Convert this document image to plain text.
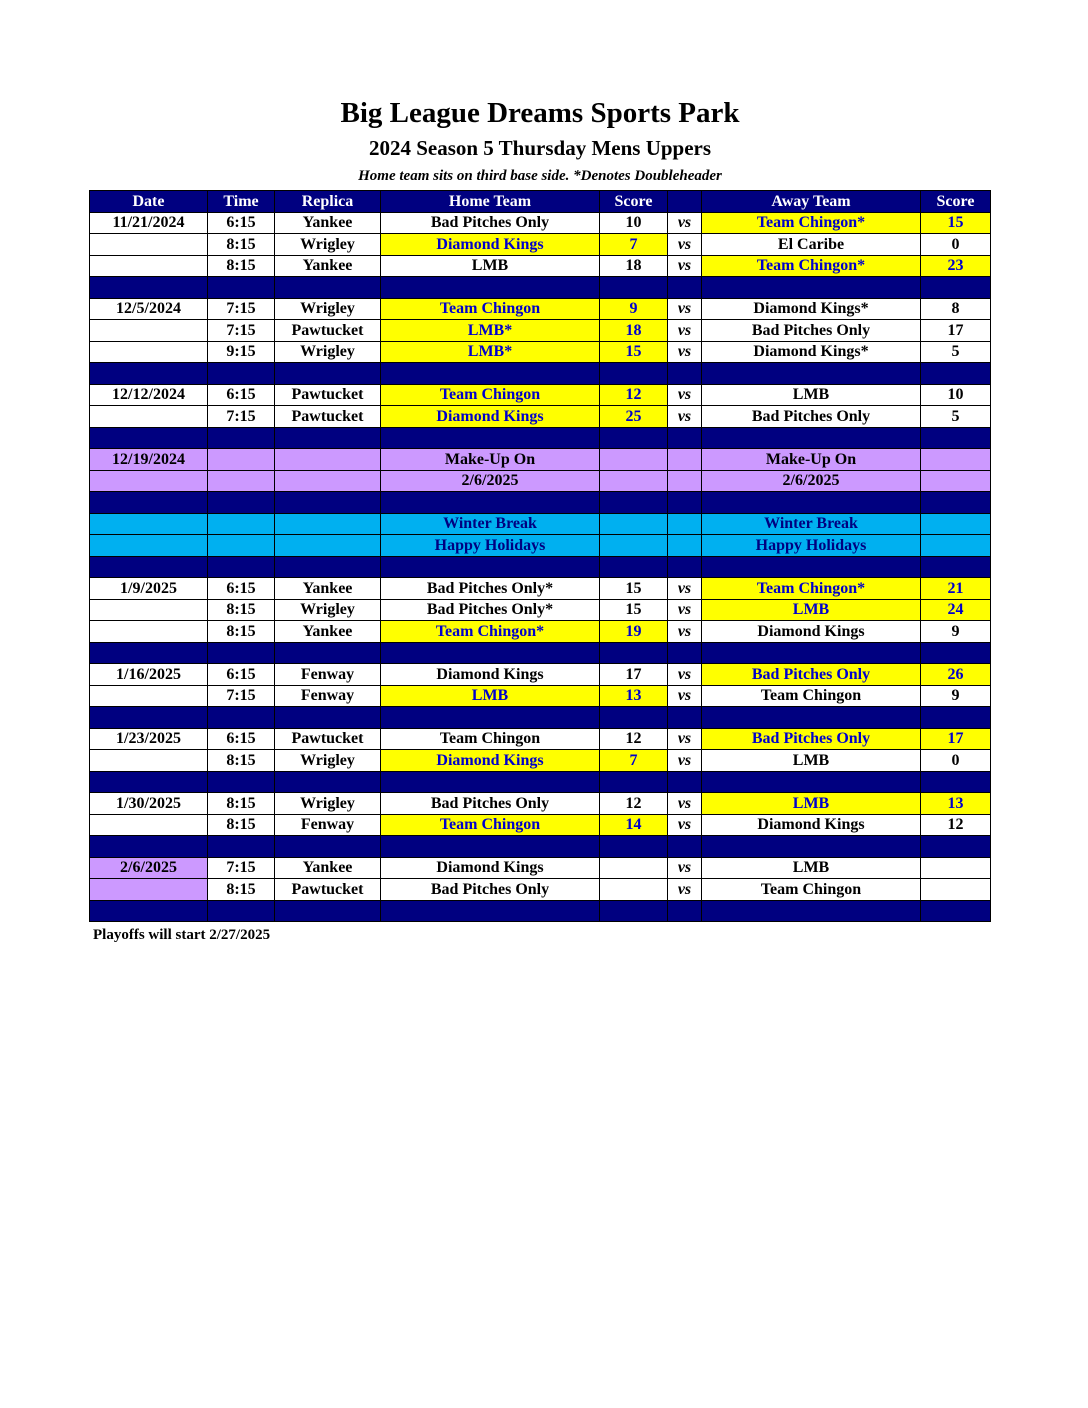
Big League Dreams Sports Park
2024 Season 5 Thursday Mens Uppers
Home team sits on third base side. *Denotes Doubleheader
Date	Time	Replica	Home Team	Score		Away Team	Score
11/21/2024	6:15	Yankee	Bad Pitches Only	10	vs	Team Chingon*	15
	8:15	Wrigley	Diamond Kings	7	vs	El Caribe	0
	8:15	Yankee	LMB	18	vs	Team Chingon*	23

12/5/2024	7:15	Wrigley	Team Chingon	9	vs	Diamond Kings*	8
	7:15	Pawtucket	LMB*	18	vs	Bad Pitches Only	17
	9:15	Wrigley	LMB*	15	vs	Diamond Kings*	5

12/12/2024	6:15	Pawtucket	Team Chingon	12	vs	LMB	10
	7:15	Pawtucket	Diamond Kings	25	vs	Bad Pitches Only	5

12/19/2024			Make-Up On			Make-Up On	
			2/6/2025			2/6/2025	

			Winter Break			Winter Break	
			Happy Holidays			Happy Holidays	

1/9/2025	6:15	Yankee	Bad Pitches Only*	15	vs	Team Chingon*	21
	8:15	Wrigley	Bad Pitches Only*	15	vs	LMB	24
	8:15	Yankee	Team Chingon*	19	vs	Diamond Kings	9

1/16/2025	6:15	Fenway	Diamond Kings	17	vs	Bad Pitches Only	26
	7:15	Fenway	LMB	13	vs	Team Chingon	9

1/23/2025	6:15	Pawtucket	Team Chingon	12	vs	Bad Pitches Only	17
	8:15	Wrigley	Diamond Kings	7	vs	LMB	0

1/30/2025	8:15	Wrigley	Bad Pitches Only	12	vs	LMB	13
	8:15	Fenway	Team Chingon	14	vs	Diamond Kings	12

2/6/2025	7:15	Yankee	Diamond Kings		vs	LMB	
	8:15	Pawtucket	Bad Pitches Only		vs	Team Chingon	

Playoffs will start 2/27/2025
